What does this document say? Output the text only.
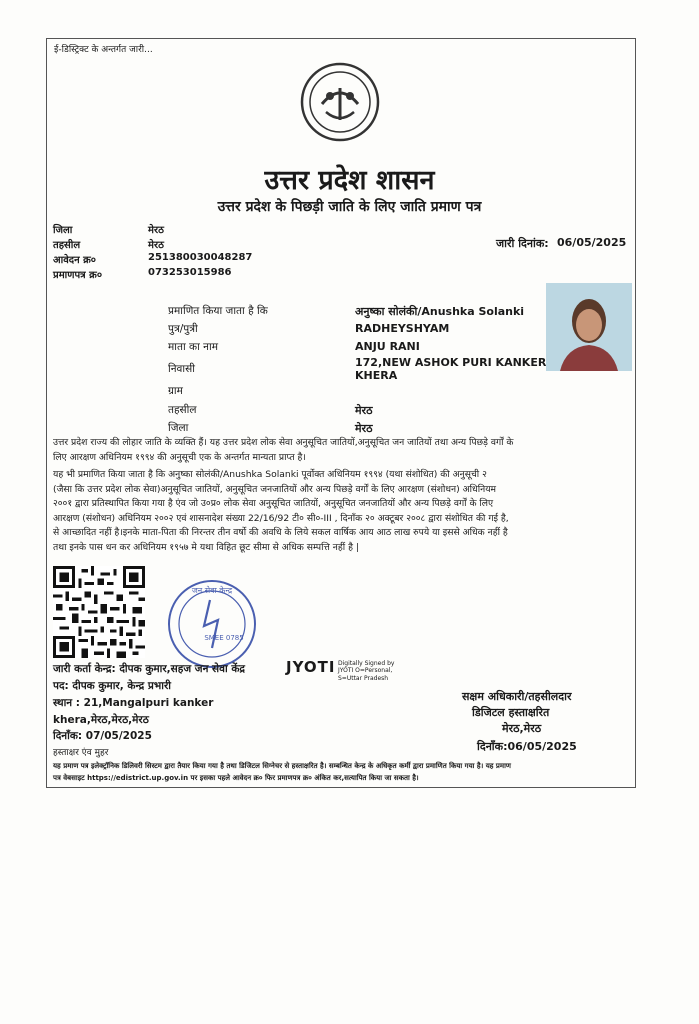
ई-डिस्ट्रिक्ट के अन्तर्गत जारी...
उत्तर प्रदेश शासन
उत्तर प्रदेश के पिछड़ी जाति के लिए जाति प्रमाण पत्र
जिला	मेरठ
तहसील	मेरठ
आवेदन क्र०	251380030048287
प्रमाणपत्र क्र०	073253015986
जारी दिनांक: 06/05/2025
प्रमाणित किया जाता है कि	अनुष्का सोलंकी/Anushka Solanki
पुत्र/पुत्री	RADHEYSHYAM
माता का नाम	ANJU RANI
निवासी	172,NEW ASHOK PURI KANKER
KHERA
ग्राम
तहसील	मेरठ
जिला	मेरठ
उत्तर प्रदेश राज्य की लोहार जाति के व्यक्ति हैं। यह उत्तर प्रदेश लोक सेवा अनुसूचित जातियों,अनुसूचित जन जातियों तथा अन्य पिछड़े वर्गों के
लिए आरक्षण अधिनियम १९९४ की अनुसूची एक के अन्तर्गत मान्यता प्राप्त है।
यह भी प्रमाणित किया जाता है कि अनुष्का सोलंकी/Anushka Solanki पूर्वोक्त अधिनियम १९९४ (यथा संशोधित) की अनुसूची २
(जैसा कि उत्तर प्रदेश लोक सेवा)अनुसूचित जातियों, अनुसूचित जनजातियों और अन्य पिछड़े वर्गों के लिए आरक्षण (संशोधन) अधिनियम
२००१ द्वारा प्रतिस्थापित किया गया है एंव जो उ०प्र० लोक सेवा अनुसूचित जातियों, अनुसूचित जनजातियों और अन्य पिछड़े वर्गों के लिए
आरक्षण (संशोधन) अधिनियम २००२ एवं शासनादेश संख्या 22/16/92 टी० सी०-III , दिनाँक २० अक्टूबर २००८ द्वारा संशोधित की गई है,
से आच्छादित नहीं है।इनके माता-पिता की निरन्तर तीन वर्षो की अवधि के लिये सकल वार्षिक आय आठ लाख रुपये या इससे अधिक नहीं है
तथा इनके पास धन कर अधिनियम १९५७ मे यथा विहित छूट सीमा से अधिक सम्पत्ति नहीं है |
जन सेवा केन्द्र
SMEE 0785
JYOTI Digitally Signed by
JYOTI O=Personal,
S=Uttar Pradesh
जारी कर्ता केन्द्र: दीपक कुमार,सहज जन सेवा केंद्र
पद: दीपक कुमार, केन्द्र प्रभारी
स्थान : 21,Mangalpuri kanker
khera,मेरठ,मेरठ,मेरठ
दिनाँक: 07/05/2025
हस्ताक्षर एंव मुहर
सक्षम अधिकारी/तहसीलदार
डिजिटल हस्ताक्षरित
मेरठ,मेरठ
दिनाँक:06/05/2025
यह प्रमाण पत्र इलेक्ट्रॉनिक डिलिवरी सिस्टम द्वारा तैयार किया गया है तथा डिजिटल सिग्नेचर से हस्ताक्षरित है। सम्बन्धित केन्द्र के अधिकृत कर्मी द्वारा प्रमाणित किया गया है। यह प्रमाण
पत्र वेबसाइट https://edistrict.up.gov.in पर इसका पहले आवेदन क्र० फिर प्रमाणपत्र क्र० अंकित कर,सत्यापित किया जा सकता है।
